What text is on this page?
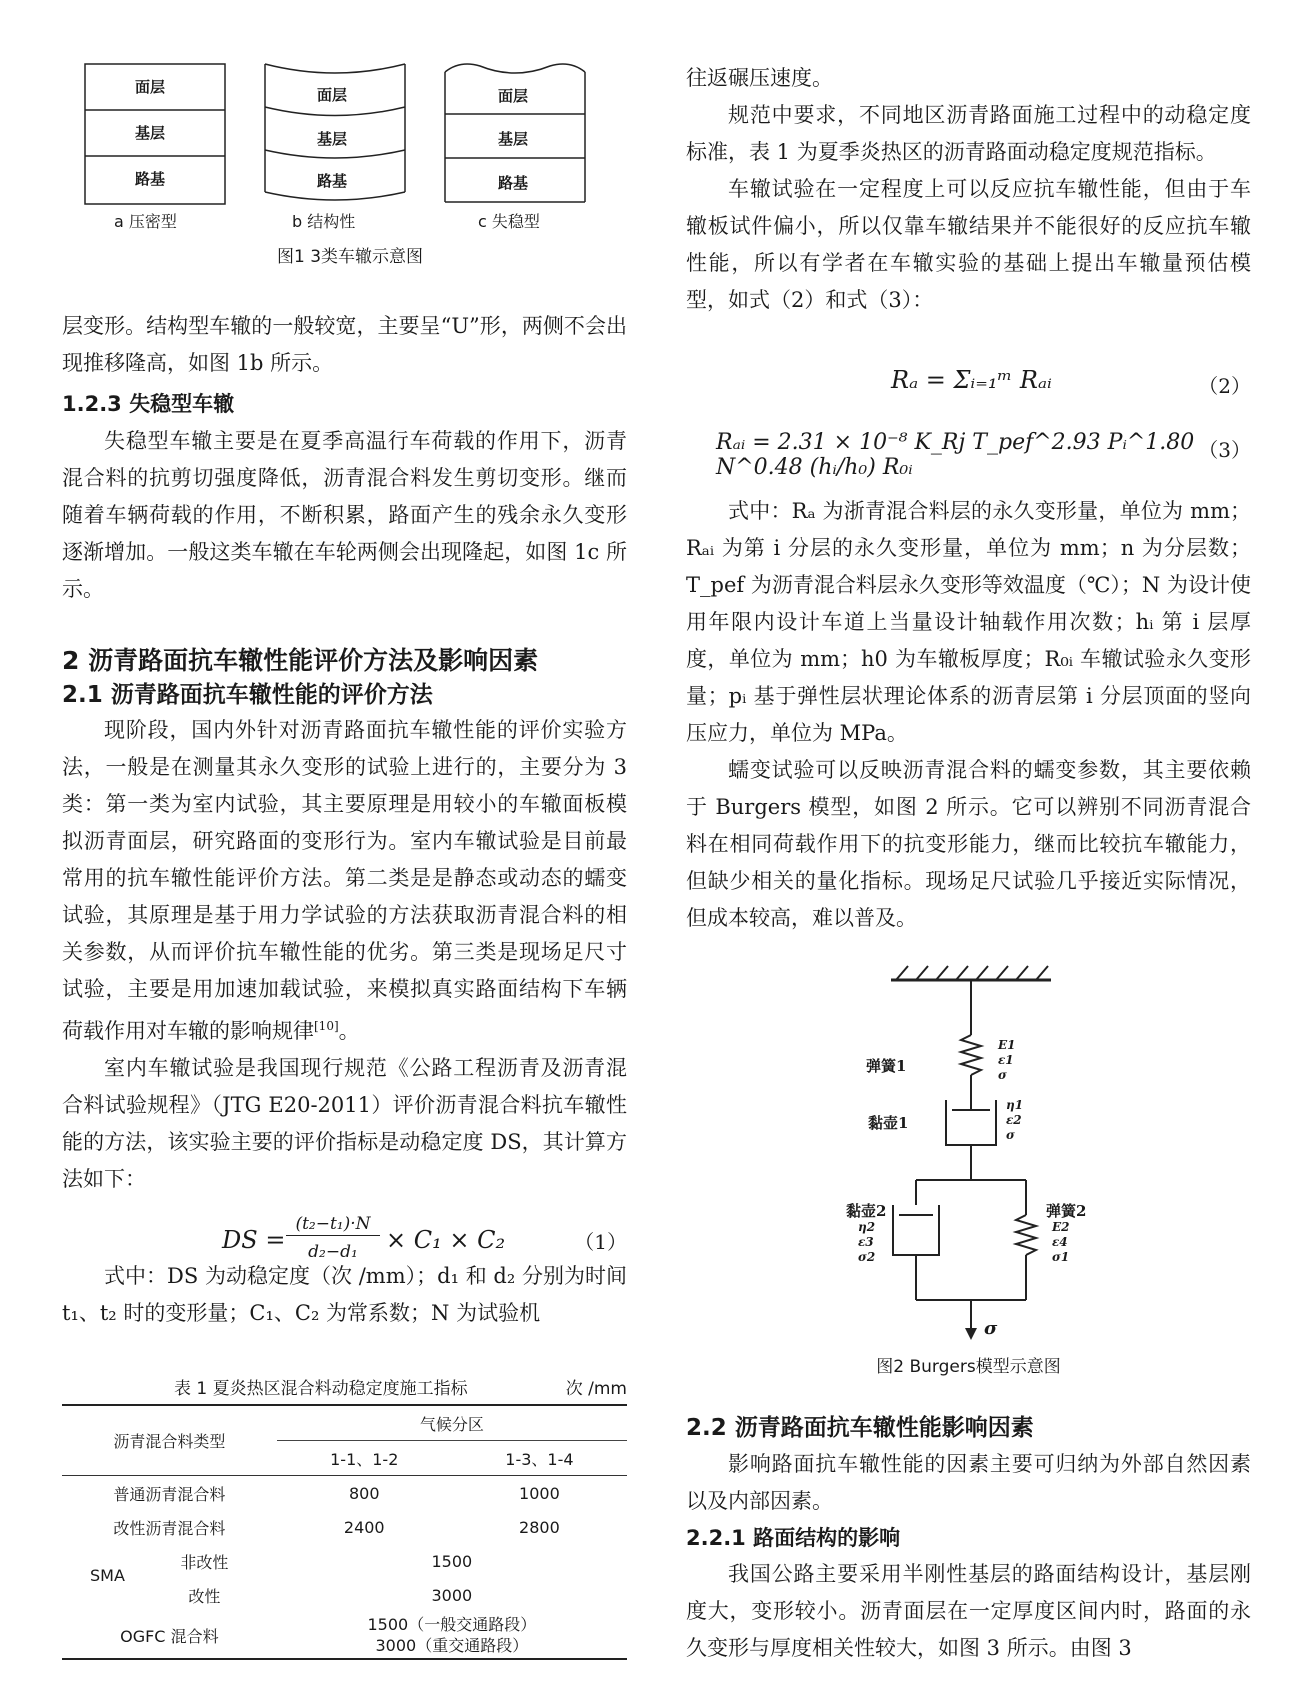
面层
基层
路基
面层
基层
路基
面层
基层
路基
a 压密型	b 结构性	c 失稳型
图1 3类车辙示意图

层变形。结构型车辙的一般较宽，主要呈“U”形，两侧不会出现推移隆高，如图 1b 所示。

1.2.3 失稳型车辙

失稳型车辙主要是在夏季高温行车荷载的作用下，沥青混合料的抗剪切强度降低，沥青混合料发生剪切变形。继而随着车辆荷载的作用，不断积累，路面产生的残余永久变形逐渐增加。一般这类车辙在车轮两侧会出现隆起，如图 1c 所示。

2 沥青路面抗车辙性能评价方法及影响因素

2.1 沥青路面抗车辙性能的评价方法

现阶段，国内外针对沥青路面抗车辙性能的评价实验方法，一般是在测量其永久变形的试验上进行的，主要分为 3 类：第一类为室内试验，其主要原理是用较小的车辙面板模拟沥青面层，研究路面的变形行为。室内车辙试验是目前最常用的抗车辙性能评价方法。第二类是是静态或动态的蠕变试验，其原理是基于用力学试验的方法获取沥青混合料的相关参数，从而评价抗车辙性能的优劣。第三类是现场足尺寸试验，主要是用加速加载试验，来模拟真实路面结构下车辆荷载作用对车辙的影响规律[10]。

室内车辙试验是我国现行规范《公路工程沥青及沥青混合料试验规程》（JTG E20-2011）评价沥青混合料抗车辙性能的方法，该实验主要的评价指标是动稳定度 DS，其计算方法如下：

DS =
(t₂−t₁)·N
d₂−d₁	× C₁ × C₂	（1）

式中：DS 为动稳定度（次 /mm）；d₁ 和 d₂ 分别为时间 t₁、t₂ 时的变形量；C₁、C₂ 为常系数；N 为试验机

表 1 夏炎热区混合料动稳定度施工指标	次 /mm
沥青混合料类型	气候分区	
	1-1、1-2	1-3、1-4
普通沥青混合料	800	1000
改性沥青混合料	2400	2800

SMA
非改性	1500	
改性	3000	
OGFC 混合料	1500（一般交通路段）
3000（重交通路段）	

往返碾压速度。

规范中要求，不同地区沥青路面施工过程中的动稳定度标准，表 1 为夏季炎热区的沥青路面动稳定度规范指标。

车辙试验在一定程度上可以反应抗车辙性能，但由于车辙板试件偏小，所以仅靠车辙结果并不能很好的反应抗车辙性能，所以有学者在车辙实验的基础上提出车辙量预估模型，如式（2）和式（3）：

Rₐ = Σᵢ₌₁ᵐ Rₐᵢ	（2）
Rₐᵢ = 2.31 × 10⁻⁸ K_Rj T_pef^2.93 Pᵢ^1.80 N^0.48 (hᵢ/h₀) R₀ᵢ
（3）

式中：Rₐ 为浙青混合料层的永久变形量，单位为 mm；Rₐᵢ 为第 i 分层的永久变形量，单位为 mm；n 为分层数；T_pef 为沥青混合料层永久变形等效温度（℃）；N 为设计使用年限内设计车道上当量设计轴载作用次数；hᵢ 第 i 层厚度，单位为 mm；h0 为车辙板厚度；R₀ᵢ 车辙试验永久变形量；pᵢ 基于弹性层状理论体系的沥青层第 i 分层顶面的竖向压应力，单位为 MPa。

蠕变试验可以反映沥青混合料的蠕变参数，其主要依赖于 Burgers 模型，如图 2 所示。它可以辨别不同沥青混合料在相同荷载作用下的抗变形能力，继而比较抗车辙能力，但缺少相关的量化指标。现场足尺试验几乎接近实际情况，但成本较高，难以普及。

弹簧1
E1
ε1
σ
黏壶1
η1
ε2
σ
黏壶2
η2
ε3
σ2
弹簧2
E2
ε4
σ1
σ
图2 Burgers模型示意图

2.2 沥青路面抗车辙性能影响因素

影响路面抗车辙性能的因素主要可归纳为外部自然因素以及内部因素。

2.2.1 路面结构的影响

我国公路主要采用半刚性基层的路面结构设计，基层刚度大，变形较小。沥青面层在一定厚度区间内时，路面的永久变形与厚度相关性较大，如图 3 所示。由图 3
